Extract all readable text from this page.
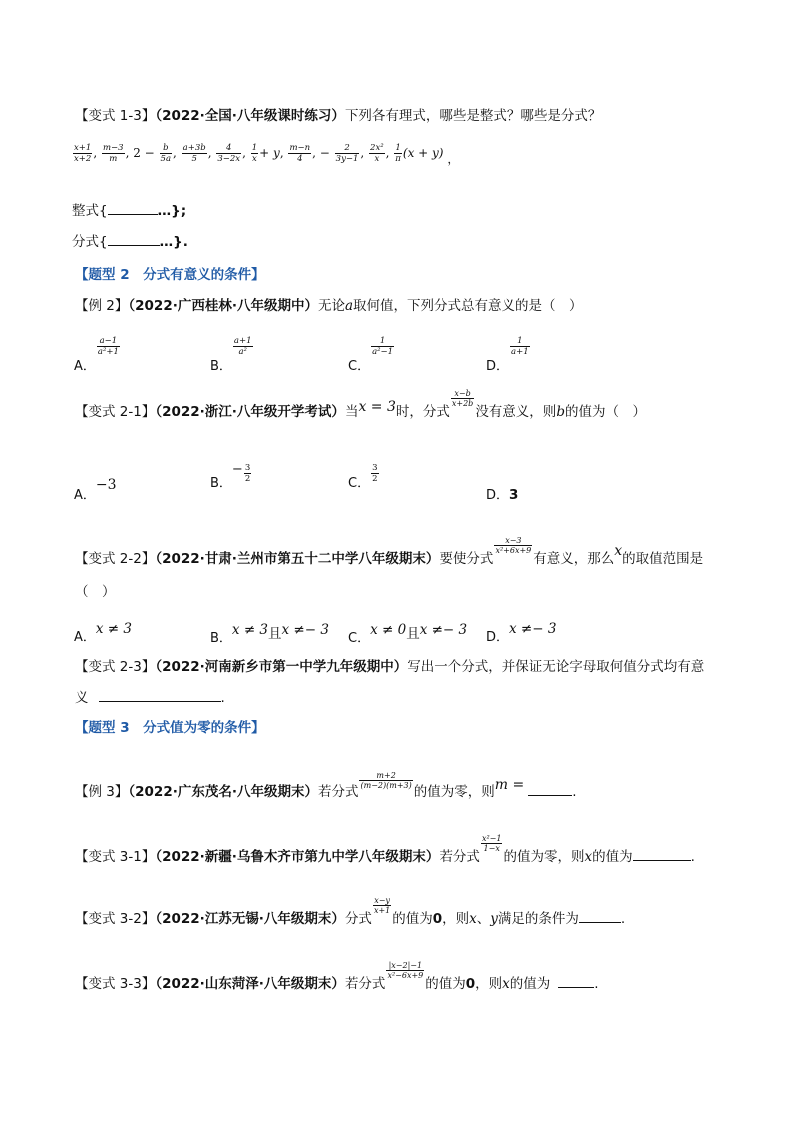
【变式 1-3】（2022·全国·八年级课时练习）下列各有理式，哪些是整式？哪些是分式？
$\frac{x+1}{x+2}$ , $\frac{m-3}{m}$ , $2 - \frac{b}{5a}$ , $\frac{a+3b}{5}$ , $\frac{4}{3-2x}$ , $\frac{1}{x} + y$, $\frac{m-n}{4}$ , − $\frac{2}{3y-1}$ , $\frac{\text{2x²}}{x}$ , $\frac{1}{\pi} (x + y)$ ，
整式{	…};
分式{	…}.
【题型 2　分式有意义的条件】
【例 2】（2022·广西桂林·八年级期中）无论a取何值，下列分式总有意义的是（　）
A．
$\frac{a-1}{\text{a²+1}}$
B．
$\frac{a+1}{\text{a²}}$
C．
$\frac{1}{\text{a²−1}}$
D．
$\frac{1}{a+1}$
【变式 2-1】（2022·浙江·八年级开学考试）当x = 3时，分式
$\frac{x-b}{x+2b}$
没有意义，则b的值为（　）
A．−3	B．− $\frac{3}{2}$	C． $\frac{3}{2}$
D．3
【变式 2-2】（2022·甘肃·兰州市第五十二中学八年级期末）要使分式
$\frac{x-3}{\text{x²+6x+9}}$
有意义，那么x的取值范围是
（　）
A．x ≠ 3
B．x ≠ 3且x ≠− 3
C．x ≠ 0且x ≠− 3 D．x ≠− 3
【变式 2-3】（2022·河南新乡市第一中学九年级期中）写出一个分式，并保证无论字母取何值分式均有意
义	.
【题型 3　分式值为零的条件】
【例 3】（2022·广东茂名·八年级期末）若分式
$\frac{m+2}{(m-2)(m+3)}$
的值为零，则m =	.
【变式 3-1】（2022·新疆·乌鲁木齐市第九中学八年级期末）若分式
$\frac{\text{x²−1}}{1-x}$
的值为零，则x的值为	.
【变式 3-2】（2022·江苏无锡·八年级期末）分式
$\frac{x-y}{x+1}$
的值为0，则x、y满足的条件为	.
【变式 3-3】（2022·山东菏泽·八年级期末）若分式
$\frac{|x-2|-1}{\text{x²−6x+9}}$
的值为0，则x的值为	.
